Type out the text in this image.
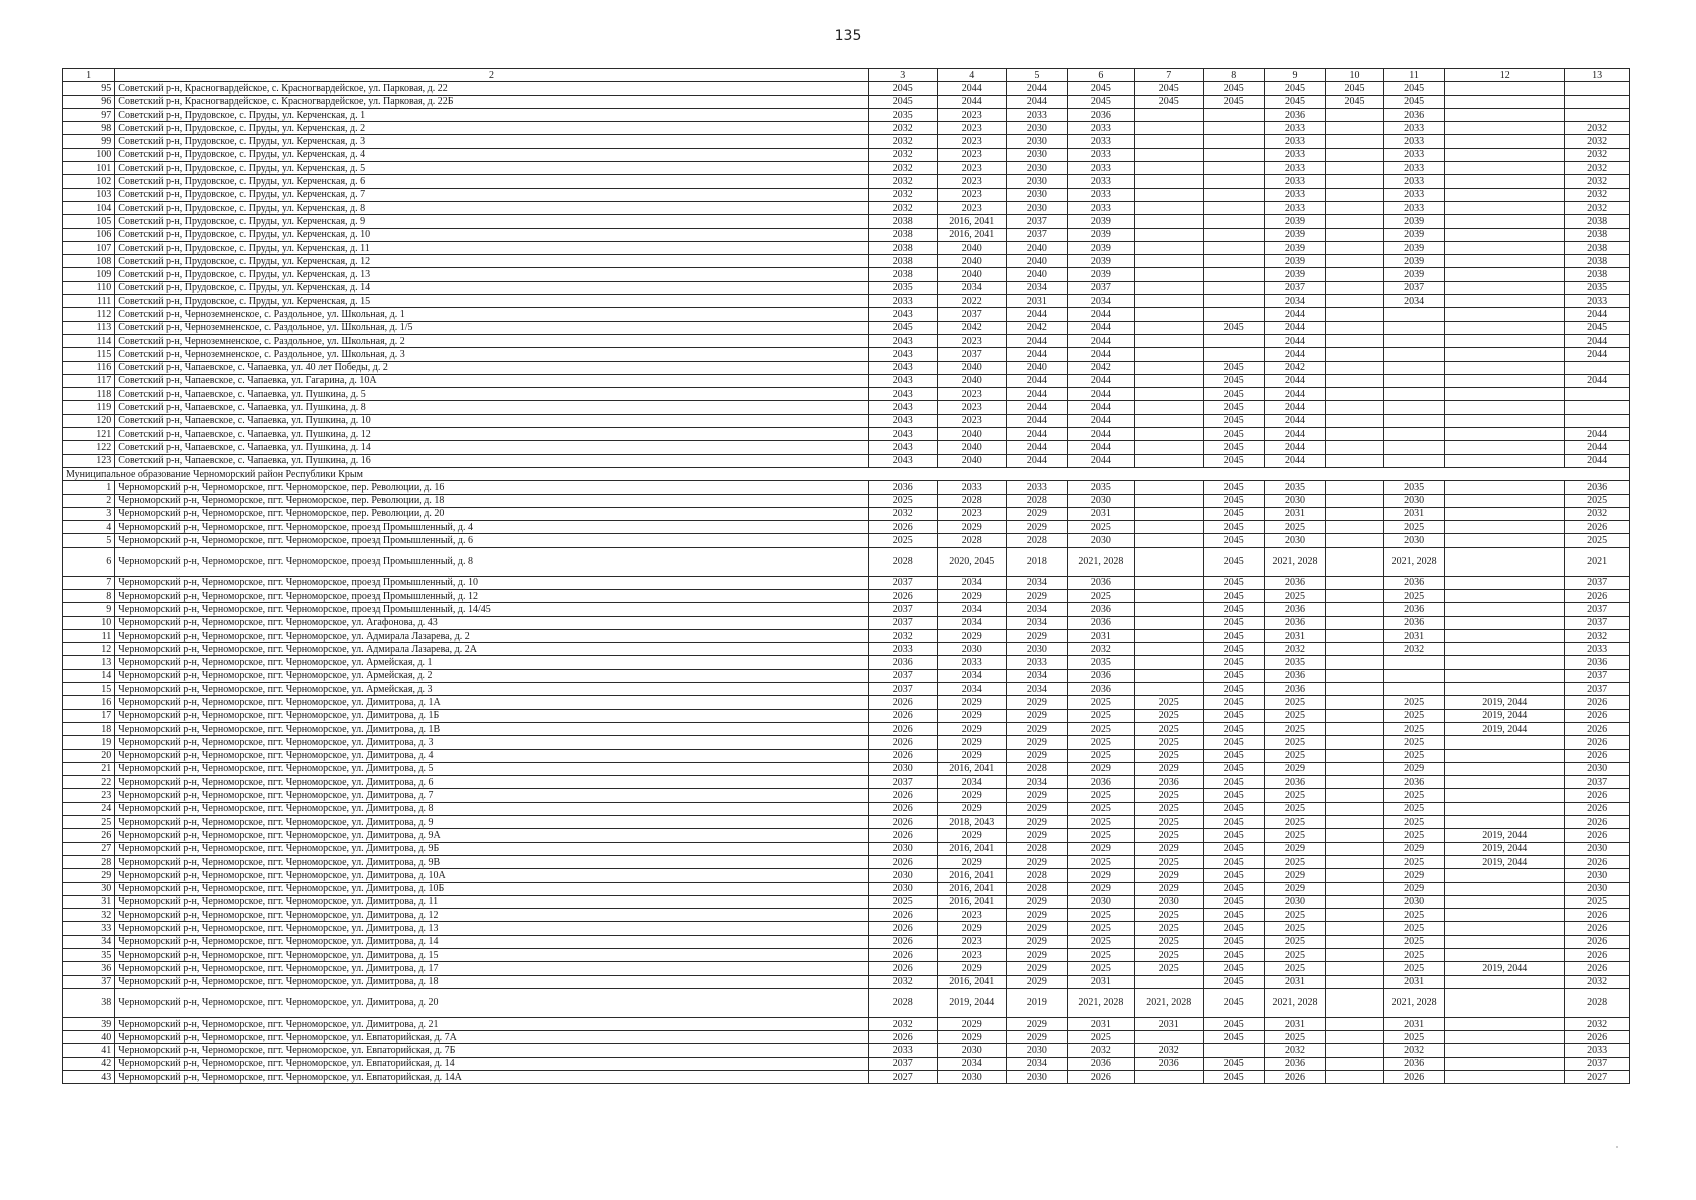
135
1	2	3	4	5	6	7	8	9	10	11	12	13
95	Советский р-н, Красногвардейское, с. Красногвардейское, ул. Парковая, д. 22	2045	2044	2044	2045	2045	2045	2045	2045	2045		
96	Советский р-н, Красногвардейское, с. Красногвардейское, ул. Парковая, д. 22Б	2045	2044	2044	2045	2045	2045	2045	2045	2045		
97	Советский р-н, Прудовское, с. Пруды, ул. Керченская, д. 1	2035	2023	2033	2036			2036		2036		
98	Советский р-н, Прудовское, с. Пруды, ул. Керченская, д. 2	2032	2023	2030	2033			2033		2033		2032
99	Советский р-н, Прудовское, с. Пруды, ул. Керченская, д. 3	2032	2023	2030	2033			2033		2033		2032
100	Советский р-н, Прудовское, с. Пруды, ул. Керченская, д. 4	2032	2023	2030	2033			2033		2033		2032
101	Советский р-н, Прудовское, с. Пруды, ул. Керченская, д. 5	2032	2023	2030	2033			2033		2033		2032
102	Советский р-н, Прудовское, с. Пруды, ул. Керченская, д. 6	2032	2023	2030	2033			2033		2033		2032
103	Советский р-н, Прудовское, с. Пруды, ул. Керченская, д. 7	2032	2023	2030	2033			2033		2033		2032
104	Советский р-н, Прудовское, с. Пруды, ул. Керченская, д. 8	2032	2023	2030	2033			2033		2033		2032
105	Советский р-н, Прудовское, с. Пруды, ул. Керченская, д. 9	2038	2016, 2041	2037	2039			2039		2039		2038
106	Советский р-н, Прудовское, с. Пруды, ул. Керченская, д. 10	2038	2016, 2041	2037	2039			2039		2039		2038
107	Советский р-н, Прудовское, с. Пруды, ул. Керченская, д. 11	2038	2040	2040	2039			2039		2039		2038
108	Советский р-н, Прудовское, с. Пруды, ул. Керченская, д. 12	2038	2040	2040	2039			2039		2039		2038
109	Советский р-н, Прудовское, с. Пруды, ул. Керченская, д. 13	2038	2040	2040	2039			2039		2039		2038
110	Советский р-н, Прудовское, с. Пруды, ул. Керченская, д. 14	2035	2034	2034	2037			2037		2037		2035
111	Советский р-н, Прудовское, с. Пруды, ул. Керченская, д. 15	2033	2022	2031	2034			2034		2034		2033
112	Советский р-н, Черноземненское, с. Раздольное, ул. Школьная, д. 1	2043	2037	2044	2044			2044				2044
113	Советский р-н, Черноземненское, с. Раздольное, ул. Школьная, д. 1/5	2045	2042	2042	2044		2045	2044				2045
114	Советский р-н, Черноземненское, с. Раздольное, ул. Школьная, д. 2	2043	2023	2044	2044			2044				2044
115	Советский р-н, Черноземненское, с. Раздольное, ул. Школьная, д. 3	2043	2037	2044	2044			2044				2044
116	Советский р-н, Чапаевское, с. Чапаевка, ул. 40 лет Победы, д. 2	2043	2040	2040	2042		2045	2042				
117	Советский р-н, Чапаевское, с. Чапаевка, ул. Гагарина, д. 10А	2043	2040	2044	2044		2045	2044				2044
118	Советский р-н, Чапаевское, с. Чапаевка, ул. Пушкина, д. 5	2043	2023	2044	2044		2045	2044				
119	Советский р-н, Чапаевское, с. Чапаевка, ул. Пушкина, д. 8	2043	2023	2044	2044		2045	2044				
120	Советский р-н, Чапаевское, с. Чапаевка, ул. Пушкина, д. 10	2043	2023	2044	2044		2045	2044				
121	Советский р-н, Чапаевское, с. Чапаевка, ул. Пушкина, д. 12	2043	2040	2044	2044		2045	2044				2044
122	Советский р-н, Чапаевское, с. Чапаевка, ул. Пушкина, д. 14	2043	2040	2044	2044		2045	2044				2044
123	Советский р-н, Чапаевское, с. Чапаевка, ул. Пушкина, д. 16	2043	2040	2044	2044		2045	2044				2044
Муниципальное образование Черноморский район Республики Крым												
1	Черноморский р-н, Черноморское, пгт. Черноморское, пер. Революции, д. 16	2036	2033	2033	2035		2045	2035		2035		2036
2	Черноморский р-н, Черноморское, пгт. Черноморское, пер. Революции, д. 18	2025	2028	2028	2030		2045	2030		2030		2025
3	Черноморский р-н, Черноморское, пгт. Черноморское, пер. Революции, д. 20	2032	2023	2029	2031		2045	2031		2031		2032
4	Черноморский р-н, Черноморское, пгт. Черноморское, проезд Промышленный, д. 4	2026	2029	2029	2025		2045	2025		2025		2026
5	Черноморский р-н, Черноморское, пгт. Черноморское, проезд Промышленный, д. 6	2025	2028	2028	2030		2045	2030		2030		2025
6	Черноморский р-н, Черноморское, пгт. Черноморское, проезд Промышленный, д. 8	2028	2020, 2045	2018	2021, 2028		2045	2021, 2028		2021, 2028		2021
7	Черноморский р-н, Черноморское, пгт. Черноморское, проезд Промышленный, д. 10	2037	2034	2034	2036		2045	2036		2036		2037
8	Черноморский р-н, Черноморское, пгт. Черноморское, проезд Промышленный, д. 12	2026	2029	2029	2025		2045	2025		2025		2026
9	Черноморский р-н, Черноморское, пгт. Черноморское, проезд Промышленный, д. 14/45	2037	2034	2034	2036		2045	2036		2036		2037
10	Черноморский р-н, Черноморское, пгт. Черноморское, ул. Агафонова, д. 43	2037	2034	2034	2036		2045	2036		2036		2037
11	Черноморский р-н, Черноморское, пгт. Черноморское, ул. Адмирала Лазарева, д. 2	2032	2029	2029	2031		2045	2031		2031		2032
12	Черноморский р-н, Черноморское, пгт. Черноморское, ул. Адмирала Лазарева, д. 2А	2033	2030	2030	2032		2045	2032		2032		2033
13	Черноморский р-н, Черноморское, пгт. Черноморское, ул. Армейская, д. 1	2036	2033	2033	2035		2045	2035				2036
14	Черноморский р-н, Черноморское, пгт. Черноморское, ул. Армейская, д. 2	2037	2034	2034	2036		2045	2036				2037
15	Черноморский р-н, Черноморское, пгт. Черноморское, ул. Армейская, д. 3	2037	2034	2034	2036		2045	2036				2037
16	Черноморский р-н, Черноморское, пгт. Черноморское, ул. Димитрова, д. 1А	2026	2029	2029	2025	2025	2045	2025		2025	2019, 2044	2026
17	Черноморский р-н, Черноморское, пгт. Черноморское, ул. Димитрова, д. 1Б	2026	2029	2029	2025	2025	2045	2025		2025	2019, 2044	2026
18	Черноморский р-н, Черноморское, пгт. Черноморское, ул. Димитрова, д. 1В	2026	2029	2029	2025	2025	2045	2025		2025	2019, 2044	2026
19	Черноморский р-н, Черноморское, пгт. Черноморское, ул. Димитрова, д. 3	2026	2029	2029	2025	2025	2045	2025		2025		2026
20	Черноморский р-н, Черноморское, пгт. Черноморское, ул. Димитрова, д. 4	2026	2029	2029	2025	2025	2045	2025		2025		2026
21	Черноморский р-н, Черноморское, пгт. Черноморское, ул. Димитрова, д. 5	2030	2016, 2041	2028	2029	2029	2045	2029		2029		2030
22	Черноморский р-н, Черноморское, пгт. Черноморское, ул. Димитрова, д. 6	2037	2034	2034	2036	2036	2045	2036		2036		2037
23	Черноморский р-н, Черноморское, пгт. Черноморское, ул. Димитрова, д. 7	2026	2029	2029	2025	2025	2045	2025		2025		2026
24	Черноморский р-н, Черноморское, пгт. Черноморское, ул. Димитрова, д. 8	2026	2029	2029	2025	2025	2045	2025		2025		2026
25	Черноморский р-н, Черноморское, пгт. Черноморское, ул. Димитрова, д. 9	2026	2018, 2043	2029	2025	2025	2045	2025		2025		2026
26	Черноморский р-н, Черноморское, пгт. Черноморское, ул. Димитрова, д. 9А	2026	2029	2029	2025	2025	2045	2025		2025	2019, 2044	2026
27	Черноморский р-н, Черноморское, пгт. Черноморское, ул. Димитрова, д. 9Б	2030	2016, 2041	2028	2029	2029	2045	2029		2029	2019, 2044	2030
28	Черноморский р-н, Черноморское, пгт. Черноморское, ул. Димитрова, д. 9В	2026	2029	2029	2025	2025	2045	2025		2025	2019, 2044	2026
29	Черноморский р-н, Черноморское, пгт. Черноморское, ул. Димитрова, д. 10А	2030	2016, 2041	2028	2029	2029	2045	2029		2029		2030
30	Черноморский р-н, Черноморское, пгт. Черноморское, ул. Димитрова, д. 10Б	2030	2016, 2041	2028	2029	2029	2045	2029		2029		2030
31	Черноморский р-н, Черноморское, пгт. Черноморское, ул. Димитрова, д. 11	2025	2016, 2041	2029	2030	2030	2045	2030		2030		2025
32	Черноморский р-н, Черноморское, пгт. Черноморское, ул. Димитрова, д. 12	2026	2023	2029	2025	2025	2045	2025		2025		2026
33	Черноморский р-н, Черноморское, пгт. Черноморское, ул. Димитрова, д. 13	2026	2029	2029	2025	2025	2045	2025		2025		2026
34	Черноморский р-н, Черноморское, пгт. Черноморское, ул. Димитрова, д. 14	2026	2023	2029	2025	2025	2045	2025		2025		2026
35	Черноморский р-н, Черноморское, пгт. Черноморское, ул. Димитрова, д. 15	2026	2023	2029	2025	2025	2045	2025		2025		2026
36	Черноморский р-н, Черноморское, пгт. Черноморское, ул. Димитрова, д. 17	2026	2029	2029	2025	2025	2045	2025		2025	2019, 2044	2026
37	Черноморский р-н, Черноморское, пгт. Черноморское, ул. Димитрова, д. 18	2032	2016, 2041	2029	2031		2045	2031		2031		2032
38	Черноморский р-н, Черноморское, пгт. Черноморское, ул. Димитрова, д. 20	2028	2019, 2044	2019	2021, 2028	2021, 2028	2045	2021, 2028		2021, 2028		2028
39	Черноморский р-н, Черноморское, пгт. Черноморское, ул. Димитрова, д. 21	2032	2029	2029	2031	2031	2045	2031		2031		2032
40	Черноморский р-н, Черноморское, пгт. Черноморское, ул. Евпаторийская, д. 7А	2026	2029	2029	2025		2045	2025		2025		2026
41	Черноморский р-н, Черноморское, пгт. Черноморское, ул. Евпаторийская, д. 7Б	2033	2030	2030	2032	2032		2032		2032		2033
42	Черноморский р-н, Черноморское, пгт. Черноморское, ул. Евпаторийская, д. 14	2037	2034	2034	2036	2036	2045	2036		2036		2037
43	Черноморский р-н, Черноморское, пгт. Черноморское, ул. Евпаторийская, д. 14А	2027	2030	2030	2026		2045	2026		2026		2027
